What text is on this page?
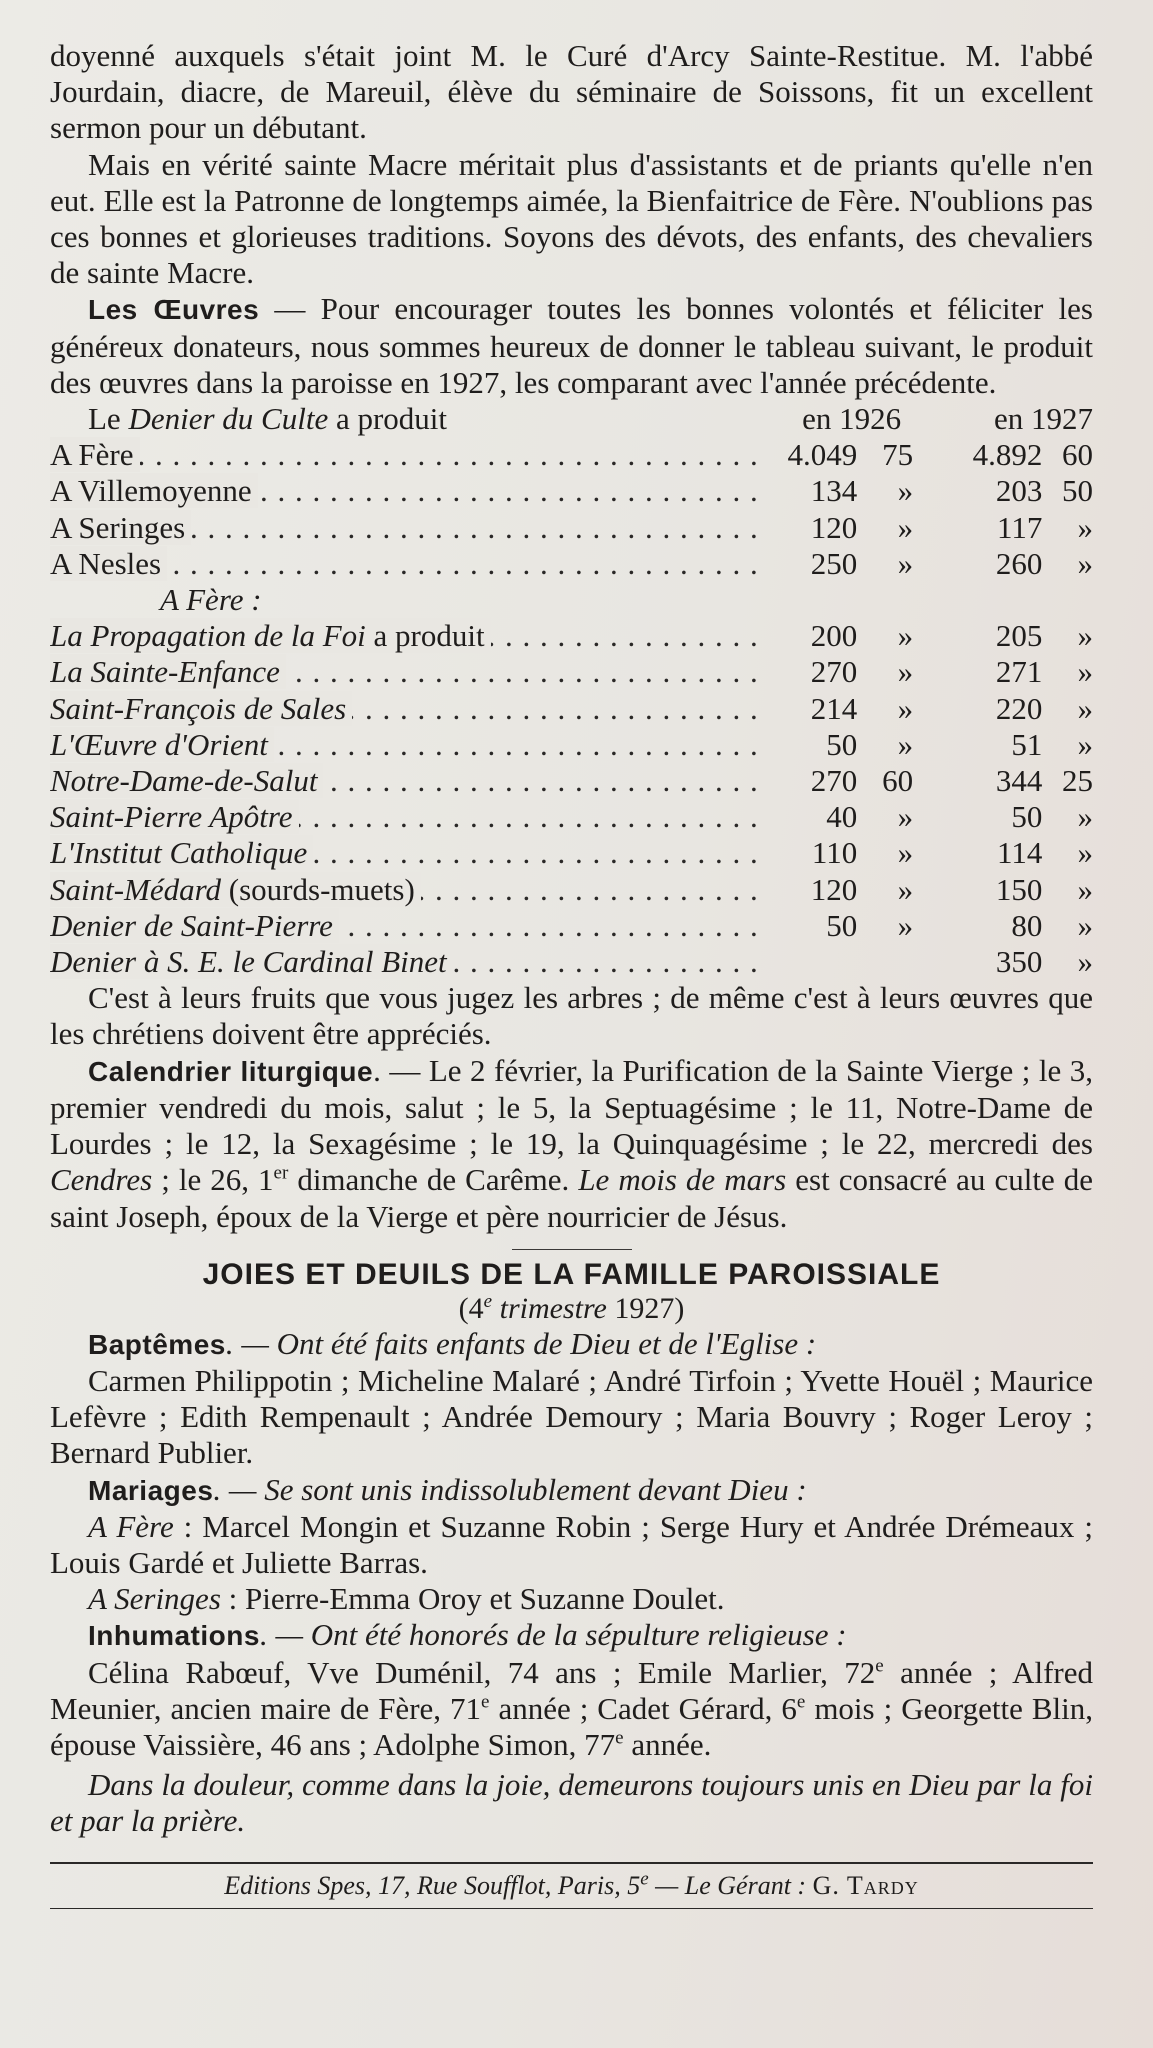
doyenné auxquels s'était joint M. le Curé d'Arcy Sainte-Restitue. M. l'abbé Jourdain, diacre, de Mareuil, élève du séminaire de Soissons, fit un excellent sermon pour un débutant.

Mais en vérité sainte Macre méritait plus d'assistants et de priants qu'elle n'en eut. Elle est la Patronne de longtemps aimée, la Bienfaitrice de Fère. N'oublions pas ces bonnes et glorieuses traditions. Soyons des dévots, des enfants, des chevaliers de sainte Macre.

Les Œuvres — Pour encourager toutes les bonnes volontés et féliciter les généreux donateurs, nous sommes heureux de donner le tableau suivant, le produit des œuvres dans la paroisse en 1927, les comparant avec l'année précédente.

Le Denier du Culte a produit	en 1926		en 1927	
A Fère . . .	4.049	75	4.892	60
A Villemoyenne . . .	134	»	203	50
A Seringes . . .	120	»	117	»
A Nesles . . .	250	»	260	»
A Fère :				
La Propagation de la Foi a produit . . .	200	»	205	»
La Sainte-Enfance . . .	270	»	271	»
Saint-François de Sales . . .	214	»	220	»
L'Œuvre d'Orient . . .	50	»	51	»
Notre-Dame-de-Salut . . .	270	60	344	25
Saint-Pierre Apôtre . . .	40	»	50	»
L'Institut Catholique . . .	110	»	114	»
Saint-Médard (sourds-muets) . . .	120	»	150	»
Denier de Saint-Pierre . . .	50	»	80	»
Denier à S. E. le Cardinal Binet . . .			350	»

C'est à leurs fruits que vous jugez les arbres ; de même c'est à leurs œuvres que les chrétiens doivent être appréciés.

Calendrier liturgique. — Le 2 février, la Purification de la Sainte Vierge ; le 3, premier vendredi du mois, salut ; le 5, la Septuagésime ; le 11, Notre-Dame de Lourdes ; le 12, la Sexagésime ; le 19, la Quinquagésime ; le 22, mercredi des Cendres ; le 26, 1er dimanche de Carême. Le mois de mars est consacré au culte de saint Joseph, époux de la Vierge et père nourricier de Jésus.

JOIES ET DEUILS DE LA FAMILLE PAROISSIALE

(4e trimestre 1927)

Baptêmes. — Ont été faits enfants de Dieu et de l'Eglise :

Carmen Philippotin ; Micheline Malaré ; André Tirfoin ; Yvette Houël ; Maurice Lefèvre ; Edith Rempenault ; Andrée Demoury ; Maria Bouvry ; Roger Leroy ; Bernard Publier.

Mariages. — Se sont unis indissolublement devant Dieu :

A Fère : Marcel Mongin et Suzanne Robin ; Serge Hury et Andrée Drémeaux ; Louis Gardé et Juliette Barras.

A Seringes : Pierre-Emma Oroy et Suzanne Doulet.

Inhumations. — Ont été honorés de la sépulture religieuse :

Célina Rabœuf, Vve Duménil, 74 ans ; Emile Marlier, 72e année ; Alfred Meunier, ancien maire de Fère, 71e année ; Cadet Gérard, 6e mois ; Georgette Blin, épouse Vaissière, 46 ans ; Adolphe Simon, 77e année.

Dans la douleur, comme dans la joie, demeurons toujours unis en Dieu par la foi et par la prière.

Editions Spes, 17, Rue Soufflot, Paris, 5e — Le Gérant : G. Tardy
